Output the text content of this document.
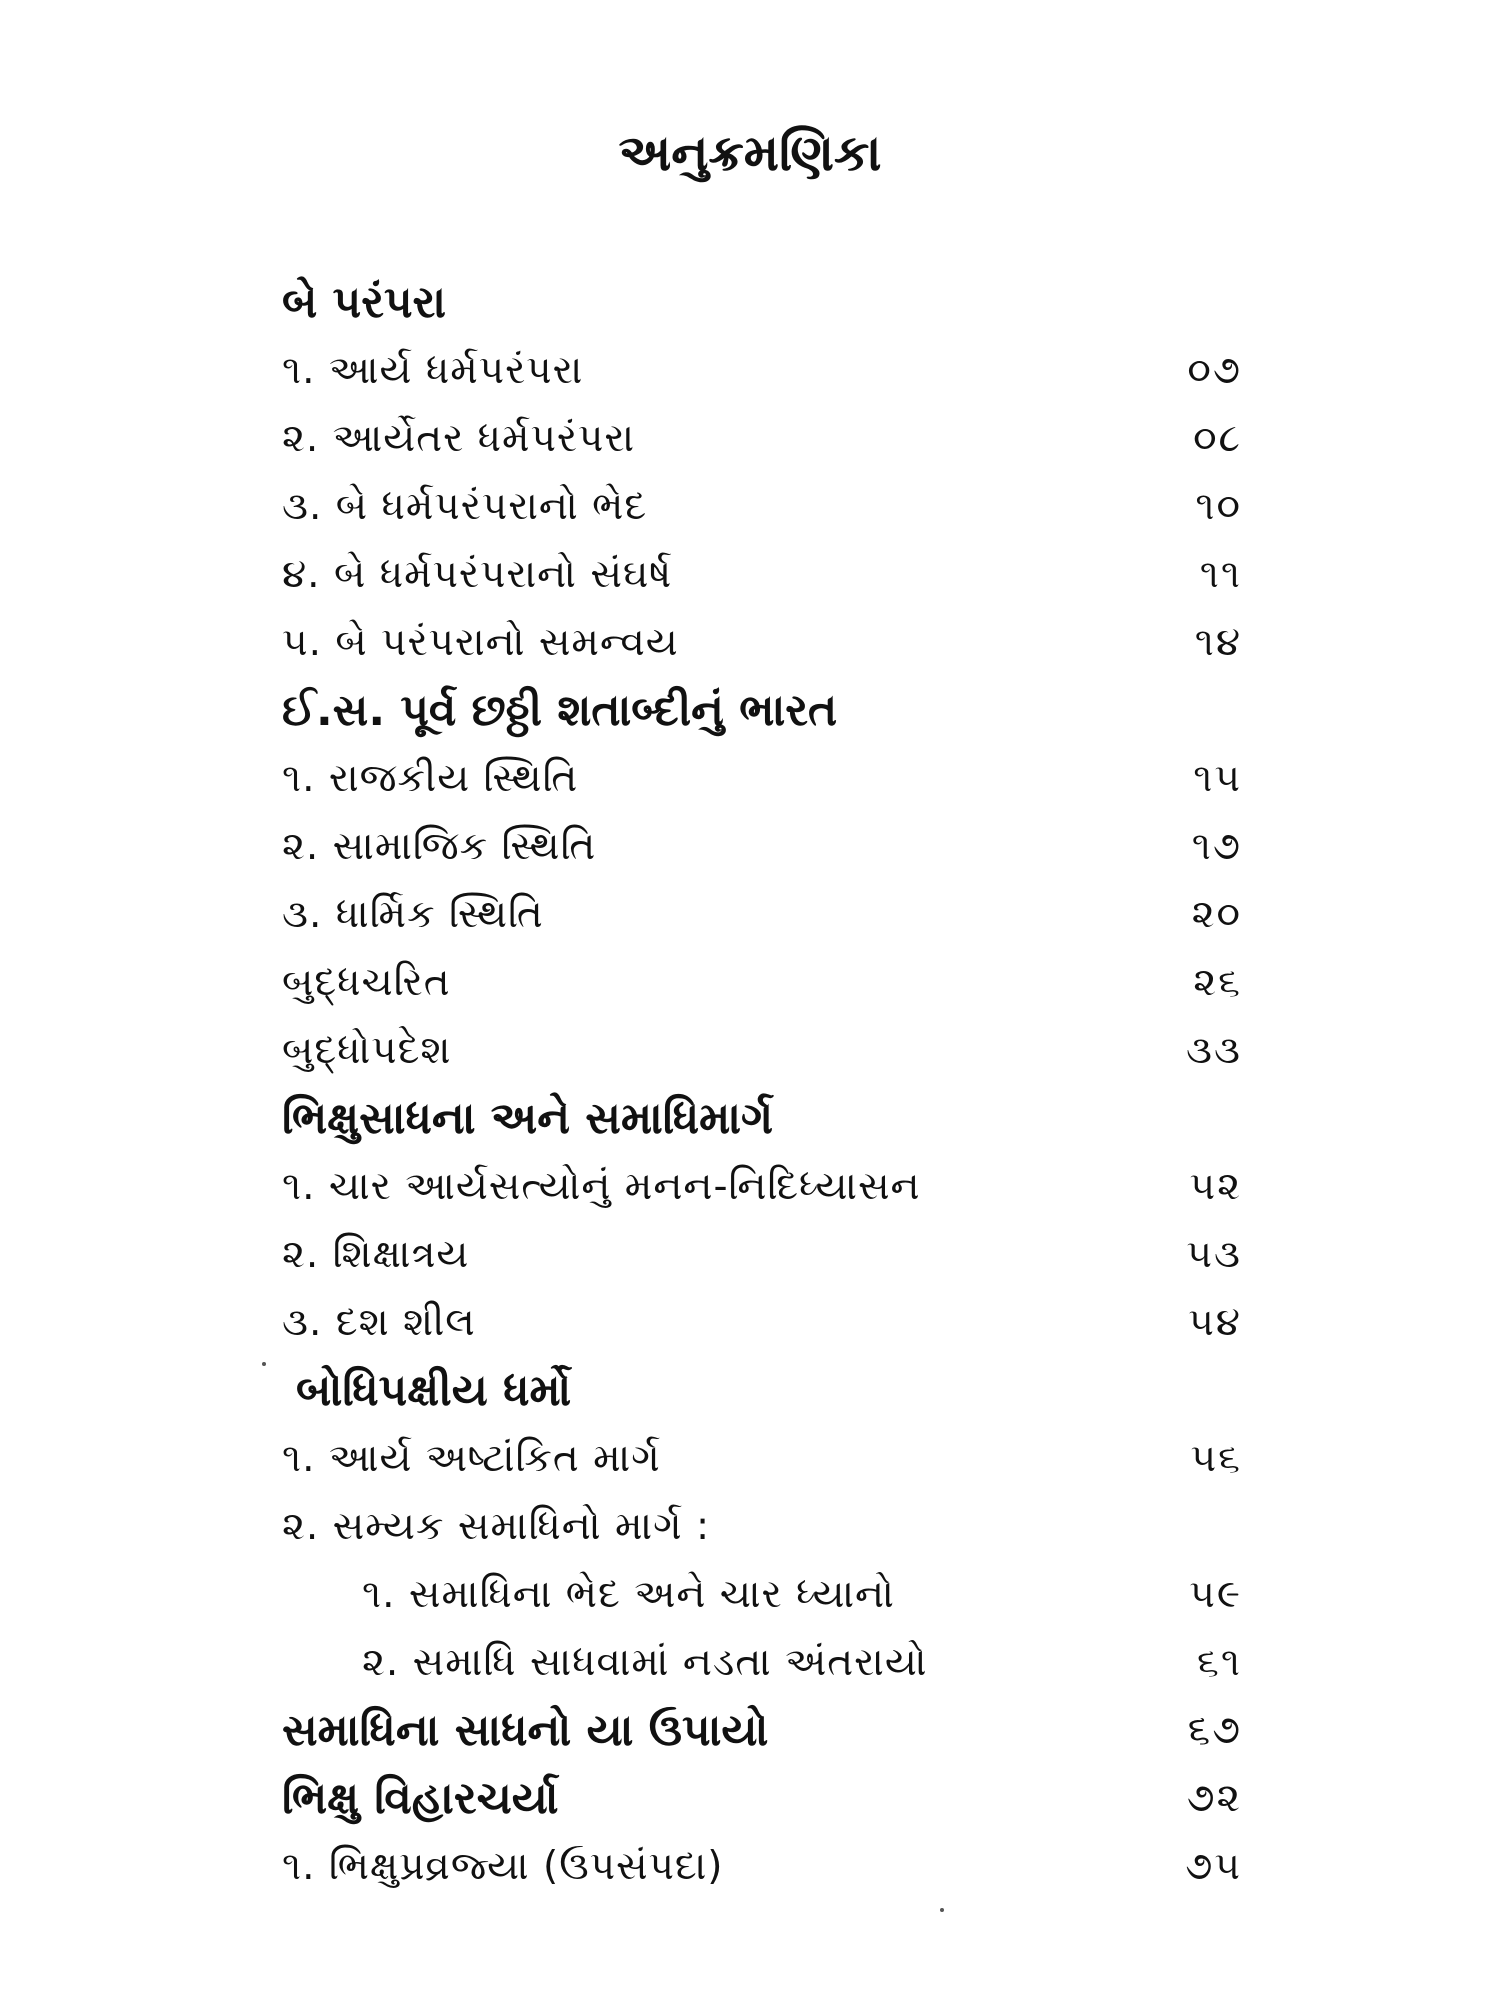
અનુક્રમણિકા
બે પરંપરા
૧. આર્ય ધર્મપરંપરા	૦૭
૨. આર્યેતર ધર્મપરંપરા	૦૮
૩. બે ધર્મપરંપરાનો ભેદ	૧૦
૪. બે ધર્મપરંપરાનો સંઘર્ષ	૧૧
૫. બે પરંપરાનો સમન્વય	૧૪
ઈ.સ. પૂર્વ છઠ્ઠી શતાબ્દીનું ભારત
૧. રાજકીય સ્થિતિ	૧૫
૨. સામાજિક સ્થિતિ	૧૭
૩. ધાર્મિક સ્થિતિ	૨૦
બુદ્ધચરિત	૨૬
બુદ્ધોપદેશ	૩૩
ભિક્ષુસાધના અને સમાધિમાર્ગ
૧. ચાર આર્યસત્યોનું મનન-નિદિધ્યાસન	૫૨
૨. શિક્ષાત્રય	૫૩
૩. દશ શીલ	૫૪
બોધિપક્ષીય ધર્મો
૧. આર્ય અષ્ટાંકિત માર્ગ	૫૬
૨. સમ્યક સમાધિનો માર્ગ :
૧. સમાધિના ભેદ અને ચાર ધ્યાનો	૫૯
૨. સમાધિ સાધવામાં નડતા અંતરાયો	૬૧
સમાધિના સાધનો યા ઉપાયો	૬૭
ભિક્ષુ વિહારચર્યા	૭૨
૧. ભિક્ષુપ્રવ્રજ્યા (ઉપસંપદા)	૭૫
